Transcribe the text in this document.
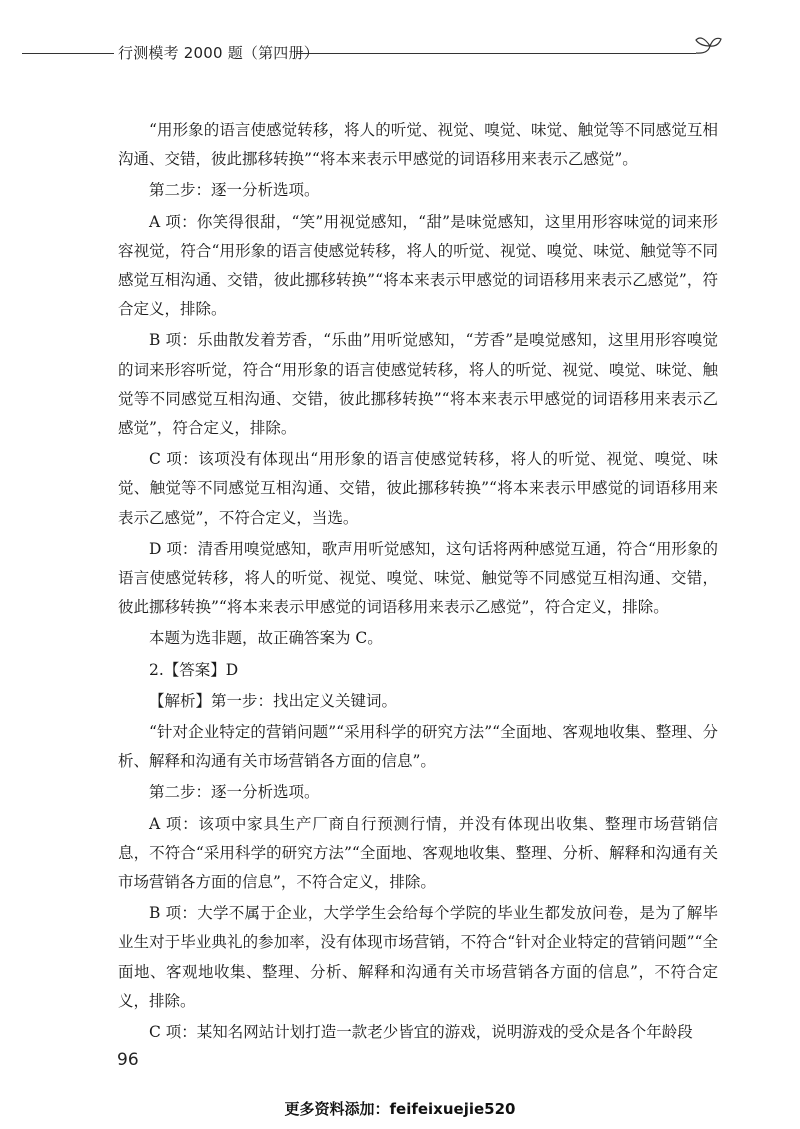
行测模考 2000 题（第四册）

“用形象的语言使感觉转移，将人的听觉、视觉、嗅觉、味觉、触觉等不同感觉互相沟通、交错，彼此挪移转换”“将本来表示甲感觉的词语移用来表示乙感觉”。

第二步：逐一分析选项。

A 项：你笑得很甜，“笑”用视觉感知，“甜”是味觉感知，这里用形容味觉的词来形容视觉，符合“用形象的语言使感觉转移，将人的听觉、视觉、嗅觉、味觉、触觉等不同感觉互相沟通、交错，彼此挪移转换”“将本来表示甲感觉的词语移用来表示乙感觉”，符合定义，排除。

B 项：乐曲散发着芳香，“乐曲”用听觉感知，“芳香”是嗅觉感知，这里用形容嗅觉的词来形容听觉，符合“用形象的语言使感觉转移，将人的听觉、视觉、嗅觉、味觉、触觉等不同感觉互相沟通、交错，彼此挪移转换”“将本来表示甲感觉的词语移用来表示乙感觉”，符合定义，排除。

C 项：该项没有体现出“用形象的语言使感觉转移，将人的听觉、视觉、嗅觉、味觉、触觉等不同感觉互相沟通、交错，彼此挪移转换”“将本来表示甲感觉的词语移用来表示乙感觉”，不符合定义，当选。

D 项：清香用嗅觉感知，歌声用听觉感知，这句话将两种感觉互通，符合“用形象的语言使感觉转移，将人的听觉、视觉、嗅觉、味觉、触觉等不同感觉互相沟通、交错，彼此挪移转换”“将本来表示甲感觉的词语移用来表示乙感觉”，符合定义，排除。

本题为选非题，故正确答案为 C。

2.【答案】D

【解析】第一步：找出定义关键词。

“针对企业特定的营销问题”“采用科学的研究方法”“全面地、客观地收集、整理、分析、解释和沟通有关市场营销各方面的信息”。

第二步：逐一分析选项。

A 项：该项中家具生产厂商自行预测行情，并没有体现出收集、整理市场营销信息，不符合“采用科学的研究方法”“全面地、客观地收集、整理、分析、解释和沟通有关市场营销各方面的信息”，不符合定义，排除。

B 项：大学不属于企业，大学学生会给每个学院的毕业生都发放问卷，是为了解毕业生对于毕业典礼的参加率，没有体现市场营销，不符合“针对企业特定的营销问题”“全面地、客观地收集、整理、分析、解释和沟通有关市场营销各方面的信息”，不符合定义，排除。

C 项：某知名网站计划打造一款老少皆宜的游戏，说明游戏的受众是各个年龄段

96
更多资料添加：feifeixuejie520
